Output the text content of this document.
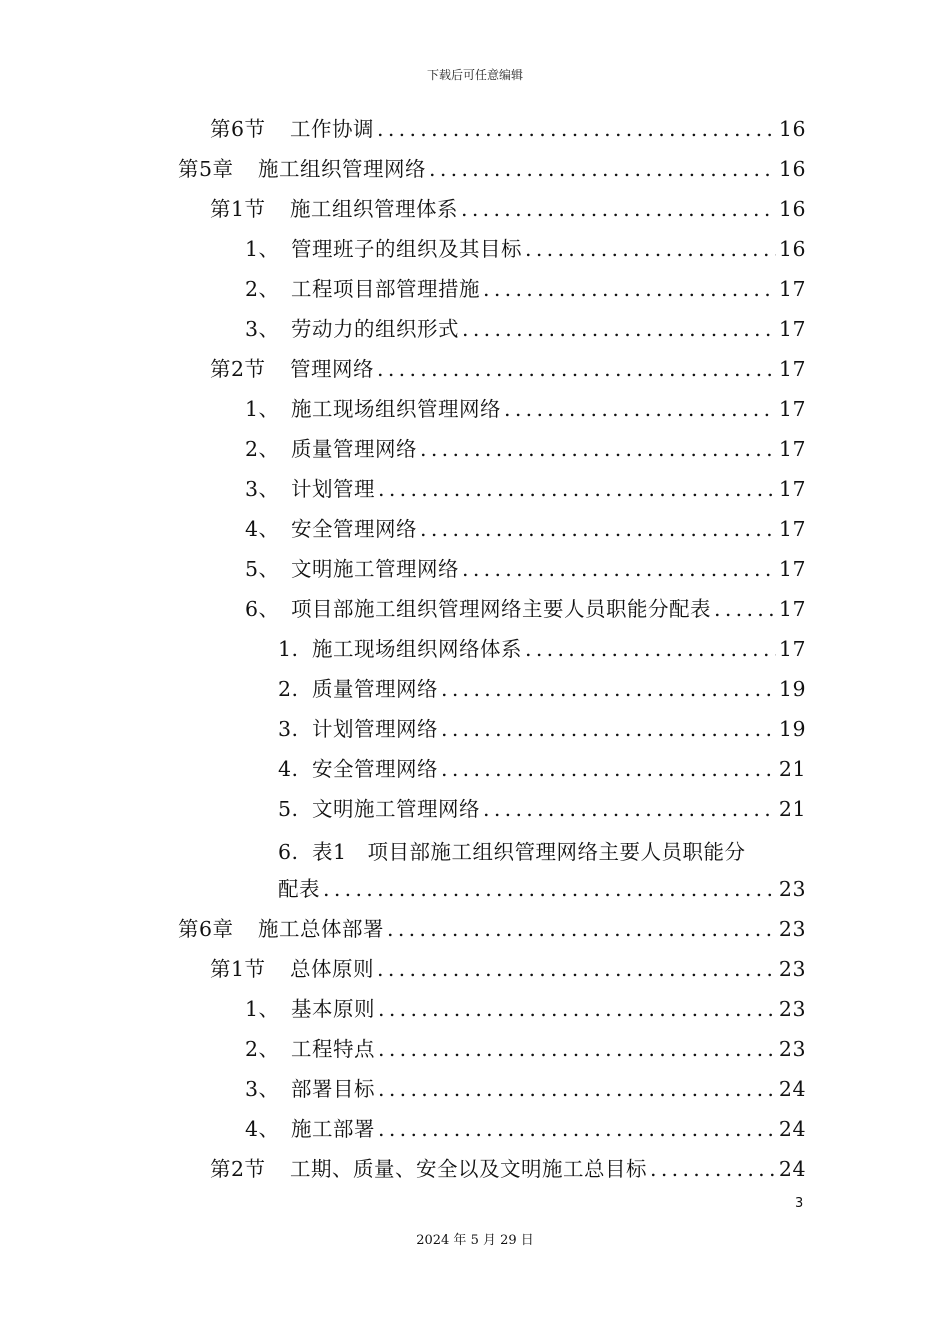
下载后可任意编辑
第6节	工作协调 .....	16
第5章	施工组织管理网络 .....	16
第1节	施工组织管理体系 .....	16
1、 管理班子的组织及其目标 .....	16
2、 工程项目部管理措施 .....	17
3、 劳动力的组织形式 .....	17
第2节	管理网络 .....	17
1、 施工现场组织管理网络 .....	17
2、 质量管理网络 .....	17
3、 计划管理 .....	17
4、 安全管理网络 .....	17
5、 文明施工管理网络 .....	17
6、 项目部施工组织管理网络主要人员职能分配表 .....	17
1. 施工现场组织网络体系 .....	17
2. 质量管理网络 .....	19
3. 计划管理网络 .....	19
4. 安全管理网络 .....	21
5. 文明施工管理网络 .....	21
6. 表1　项目部施工组织管理网络主要人员职能分
配表 .....	23
第6章	施工总体部署 .....	23
第1节	总体原则 .....	23
1、 基本原则 .....	23
2、 工程特点 .....	23
3、 部署目标 .....	24
4、 施工部署 .....	24
第2节	工期、质量、安全以及文明施工总目标 .....	24
3
2024 年 5 月 29 日
